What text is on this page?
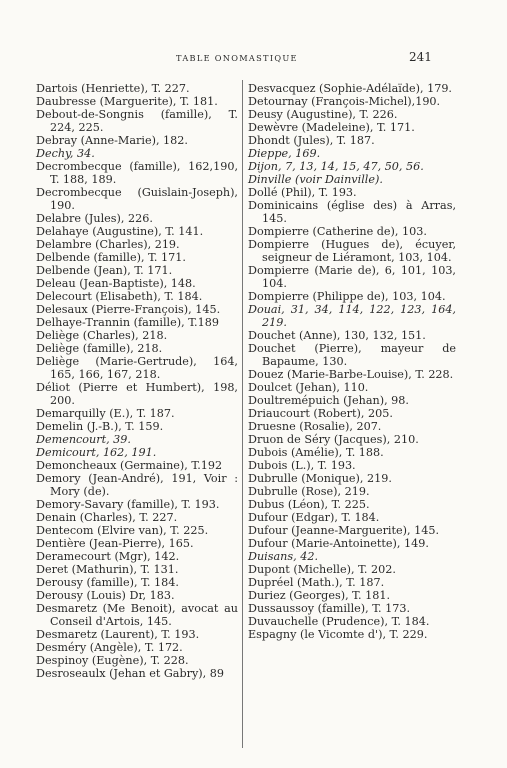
TABLE ONOMASTIQUE	241

Dartois (Henriette), T. 227.

Daubresse (Marguerite), T. 181.

Debout-de-Songnis (famille), T. 224, 225.

Debray (Anne-Marie), 182.

Dechy, 34.

Decrombecque (famille), 162,190, T. 188, 189.

Decrombecque (Guislain-Joseph), 190.

Delabre (Jules), 226.

Delahaye (Augustine), T. 141.

Delambre (Charles), 219.

Delbende (famille), T. 171.

Delbende (Jean), T. 171.

Deleau (Jean-Baptiste), 148.

Delecourt (Elisabeth), T. 184.

Delesaux (Pierre-François), 145.

Delhaye-Trannin (famille), T.189

Deliège (Charles), 218.

Deliège (famille), 218.

Deliège (Marie-Gertrude), 164, 165, 166, 167, 218.

Déliot (Pierre et Humbert), 198, 200.

Demarquilly (E.), T. 187.

Demelin (J.-B.), T. 159.

Demencourt, 39.

Demicourt, 162, 191.

Demoncheaux (Germaine), T.192

Demory (Jean-André), 191, Voir : Mory (de).

Demory-Savary (famille), T. 193.

Denain (Charles), T. 227.

Dentecom (Elvire van), T. 225.

Dentière (Jean-Pierre), 165.

Deramecourt (Mgr), 142.

Deret (Mathurin), T. 131.

Derousy (famille), T. 184.

Derousy (Louis) Dr, 183.

Desmaretz (Me Benoit), avocat au Conseil d'Artois, 145.

Desmaretz (Laurent), T. 193.

Desméry (Angèle), T. 172.

Despinoy (Eugène), T. 228.

Desroseaulx (Jehan et Gabry), 89

Desvacquez (Sophie-Adélaïde), 179.

Detournay (François-Michel),190.

Deusy (Augustine), T. 226.

Dewèvre (Madeleine), T. 171.

Dhondt (Jules), T. 187.

Dieppe, 169.

Dijon, 7, 13, 14, 15, 47, 50, 56.

Dinville (voir Dainville).

Dollé (Phil), T. 193.

Dominicains (église des) à Arras, 145.

Dompierre (Catherine de), 103.

Dompierre (Hugues de), écuyer, seigneur de Liéramont, 103, 104.

Dompierre (Marie de), 6, 101, 103, 104.

Dompierre (Philippe de), 103, 104.

Douai, 31, 34, 114, 122, 123, 164, 219.

Douchet (Anne), 130, 132, 151.

Douchet (Pierre), mayeur de Bapaume, 130.

Douez (Marie-Barbe-Louise), T. 228.

Doulcet (Jehan), 110.

Doultremépuich (Jehan), 98.

Driaucourt (Robert), 205.

Druesne (Rosalie), 207.

Druon de Séry (Jacques), 210.

Dubois (Amélie), T. 188.

Dubois (L.), T. 193.

Dubrulle (Monique), 219.

Dubrulle (Rose), 219.

Dubus (Léon), T. 225.

Dufour (Edgar), T. 184.

Dufour (Jeanne-Marguerite), 145.

Dufour (Marie-Antoinette), 149.

Duisans, 42.

Dupont (Michelle), T. 202.

Dupréel (Math.), T. 187.

Duriez (Georges), T. 181.

Dussaussoy (famille), T. 173.

Duvauchelle (Prudence), T. 184.

Espagny (le Vicomte d'), T. 229.
